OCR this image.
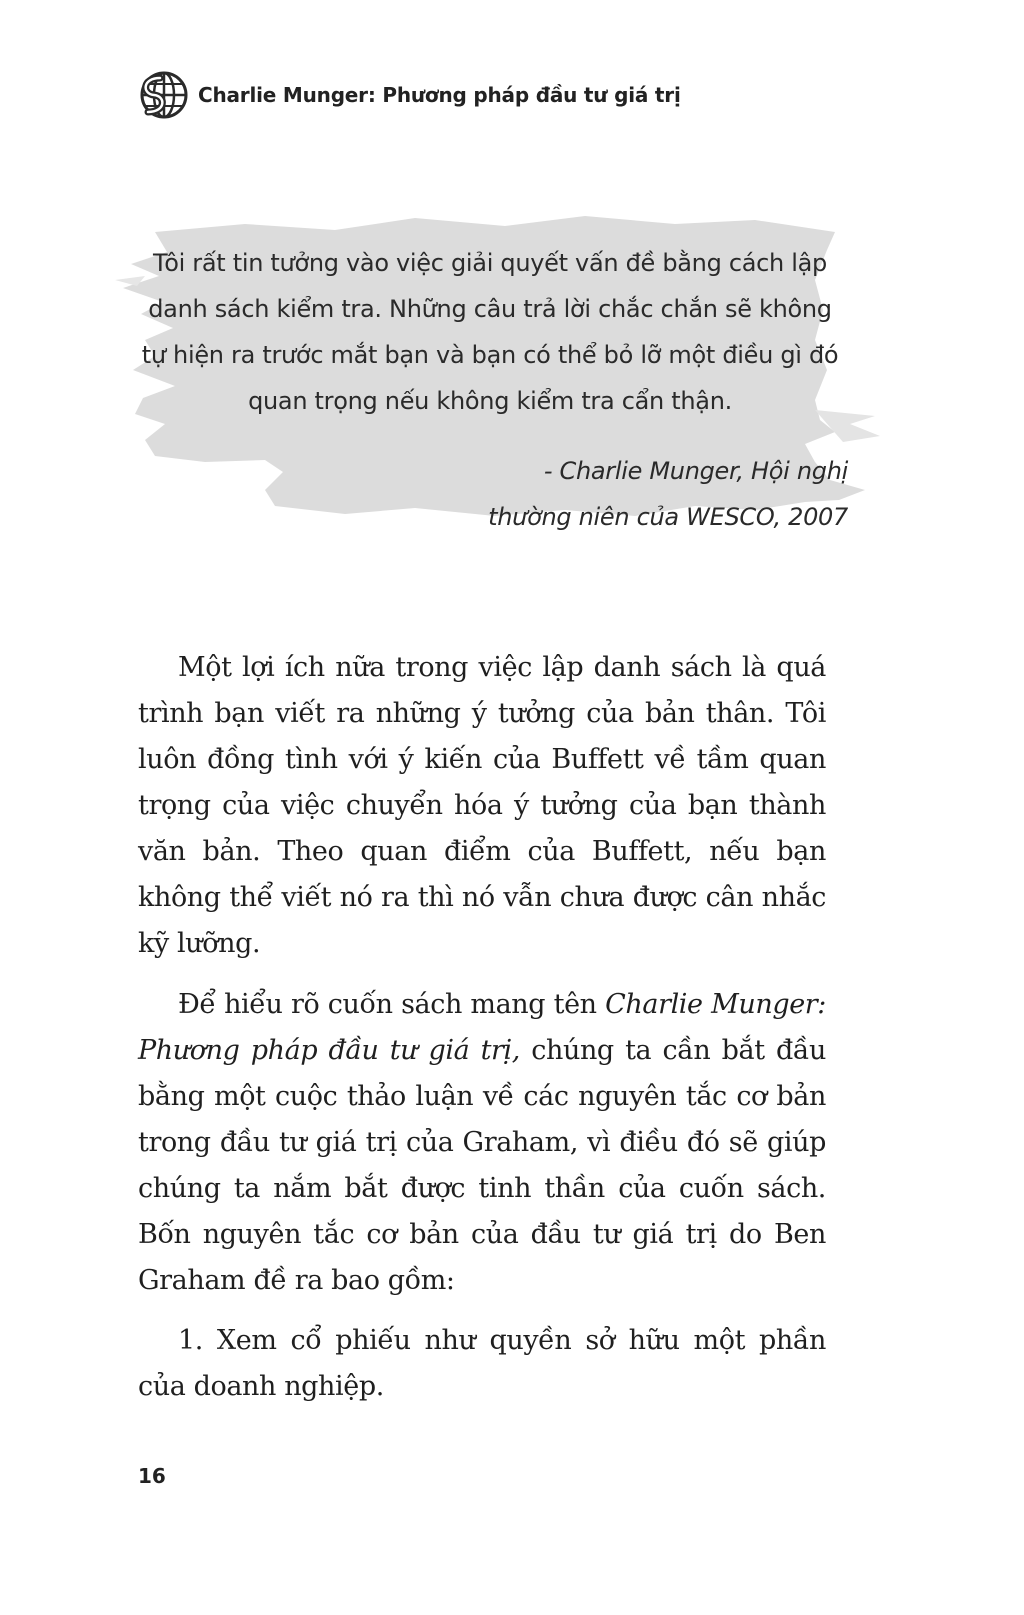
Charlie Munger: Phương pháp đầu tư giá trị
Tôi rất tin tưởng vào việc giải quyết vấn đề bằng cách lập danh sách kiểm tra. Những câu trả lời chắc chắn sẽ không tự hiện ra trước mắt bạn và bạn có thể bỏ lỡ một điều gì đó quan trọng nếu không kiểm tra cẩn thận.
- Charlie Munger, Hội nghị
thường niên của WESCO, 2007

Một lợi ích nữa trong việc lập danh sách là quá trình bạn viết ra những ý tưởng của bản thân. Tôi luôn đồng tình với ý kiến của Buffett về tầm quan trọng của việc chuyển hóa ý tưởng của bạn thành văn bản. Theo quan điểm của Buffett, nếu bạn không thể viết nó ra thì nó vẫn chưa được cân nhắc kỹ lưỡng.

Để hiểu rõ cuốn sách mang tên Charlie Munger: Phương pháp đầu tư giá trị, chúng ta cần bắt đầu bằng một cuộc thảo luận về các nguyên tắc cơ bản trong đầu tư giá trị của Graham, vì điều đó sẽ giúp chúng ta nắm bắt được tinh thần của cuốn sách. Bốn nguyên tắc cơ bản của đầu tư giá trị do Ben Graham đề ra bao gồm:

1. Xem cổ phiếu như quyền sở hữu một phần của doanh nghiệp.

16
